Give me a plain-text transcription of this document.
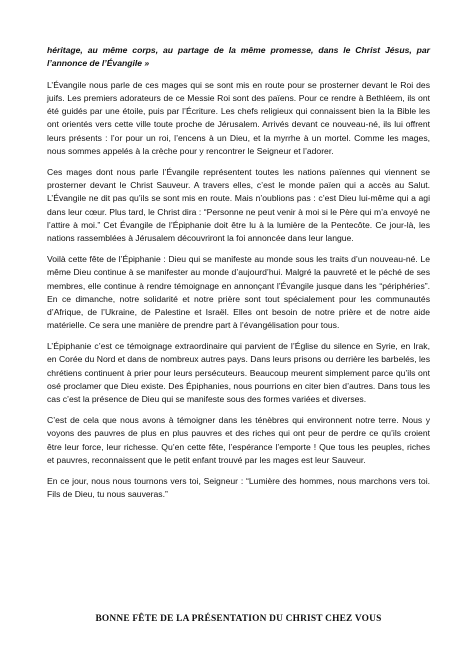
héritage, au même corps, au partage de la même promesse, dans le Christ Jésus, par l’annonce de l’Évangile »

L’Évangile nous parle de ces mages qui se sont mis en route pour se prosterner devant le Roi des juifs. Les premiers adorateurs de ce Messie Roi sont des païens. Pour ce rendre à Bethléem, ils ont été guidés par une étoile, puis par l’Écriture. Les chefs religieux qui connaissent bien la la Bible les ont orientés vers cette ville toute proche de Jérusalem. Arrivés devant ce nouveau-né, ils lui offrent leurs présents : l’or pour un roi, l’encens à un Dieu, et la myrrhe à un mortel. Comme les mages, nous sommes appelés à la crèche pour y rencontrer le Seigneur et l’adorer.

Ces mages dont nous parle l’Évangile représentent toutes les nations païennes qui viennent se prosterner devant le Christ Sauveur. A travers elles, c’est le monde païen qui a accès au Salut. L’Évangile ne dit pas qu’ils se sont mis en route. Mais n’oublions pas : c’est Dieu lui-même qui a agi dans leur cœur. Plus tard, le Christ dira : “Personne ne peut venir à moi si le Père qui m’a envoyé ne l’attire à moi.” Cet Évangile de l’Épiphanie doit être lu à la lumière de la Pentecôte. Ce jour-là, les nations rassemblées à Jérusalem découvriront la foi annoncée dans leur langue.

Voilà cette fête de l’Épiphanie : Dieu qui se manifeste au monde sous les traits d’un nouveau-né. Le même Dieu continue à se manifester au monde d’aujourd’hui. Malgré la pauvreté et le péché de ses membres, elle continue à rendre témoignage en annonçant l’Évangile jusque dans les “périphéries”. En ce dimanche, notre solidarité et notre prière sont tout spécialement pour les communautés d’Afrique, de l’Ukraine, de Palestine et Israël. Elles ont besoin de notre prière et de notre aide matérielle. Ce sera une manière de prendre part à l’évangélisation pour tous.

L’Épiphanie c’est ce témoignage extraordinaire qui parvient de l’Église du silence en Syrie, en Irak, en Corée du Nord et dans de nombreux autres pays. Dans leurs prisons ou derrière les barbelés, les chrétiens continuent à prier pour leurs persécuteurs. Beaucoup meurent simplement parce qu’ils ont osé proclamer que Dieu existe. Des Épiphanies, nous pourrions en citer bien d’autres. Dans tous les cas c’est la présence de Dieu qui se manifeste sous des formes variées et diverses.

C’est de cela que nous avons à témoigner dans les ténèbres qui environnent notre terre. Nous y voyons des pauvres de plus en plus pauvres et des riches qui ont peur de perdre ce qu’ils croient être leur force, leur richesse. Qu’en cette fête, l’espérance l’emporte ! Que tous les peuples, riches et pauvres, reconnaissent que le petit enfant trouvé par les mages est leur Sauveur.

En ce jour, nous nous tournons vers toi, Seigneur : “Lumière des hommes, nous marchons vers toi. Fils de Dieu, tu nous sauveras.”

BONNE FÊTE DE LA PRÉSENTATION DU CHRIST CHEZ VOUS
